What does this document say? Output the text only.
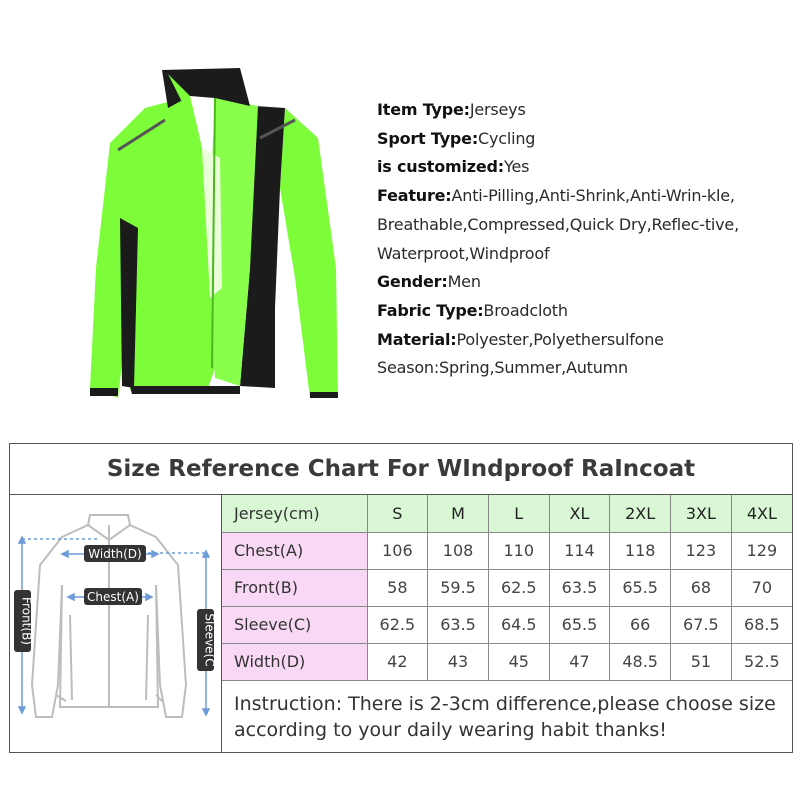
Item Type:Jerseys
Sport Type:Cycling
is customized:Yes
Feature:Anti-Pilling,Anti-Shrink,Anti-Wrin-kle,
Breathable,Compressed,Quick Dry,Reflec-tive,
Waterproot,Windproof
Gender:Men
Fabric Type:Broadcloth
Material:Polyester,Polyethersulfone
Season:Spring,Summer,Autumn
Size Reference Chart For WIndproof RaIncoat
Width(D)
Chest(A)
Front(B)	Sleeve(C
Jersey(cm)	S	M	L	XL	2XL	3XL	4XL
Chest(A)	106	108	110	114	118	123	129
Front(B)	58	59.5	62.5	63.5	65.5	68	70
Sleeve(C)	62.5	63.5	64.5	65.5	66	67.5	68.5
Width(D)	42	43	45	47	48.5	51	52.5
Instruction: There is 2-3cm difference,please choose size according to your daily wearing habit thanks!
